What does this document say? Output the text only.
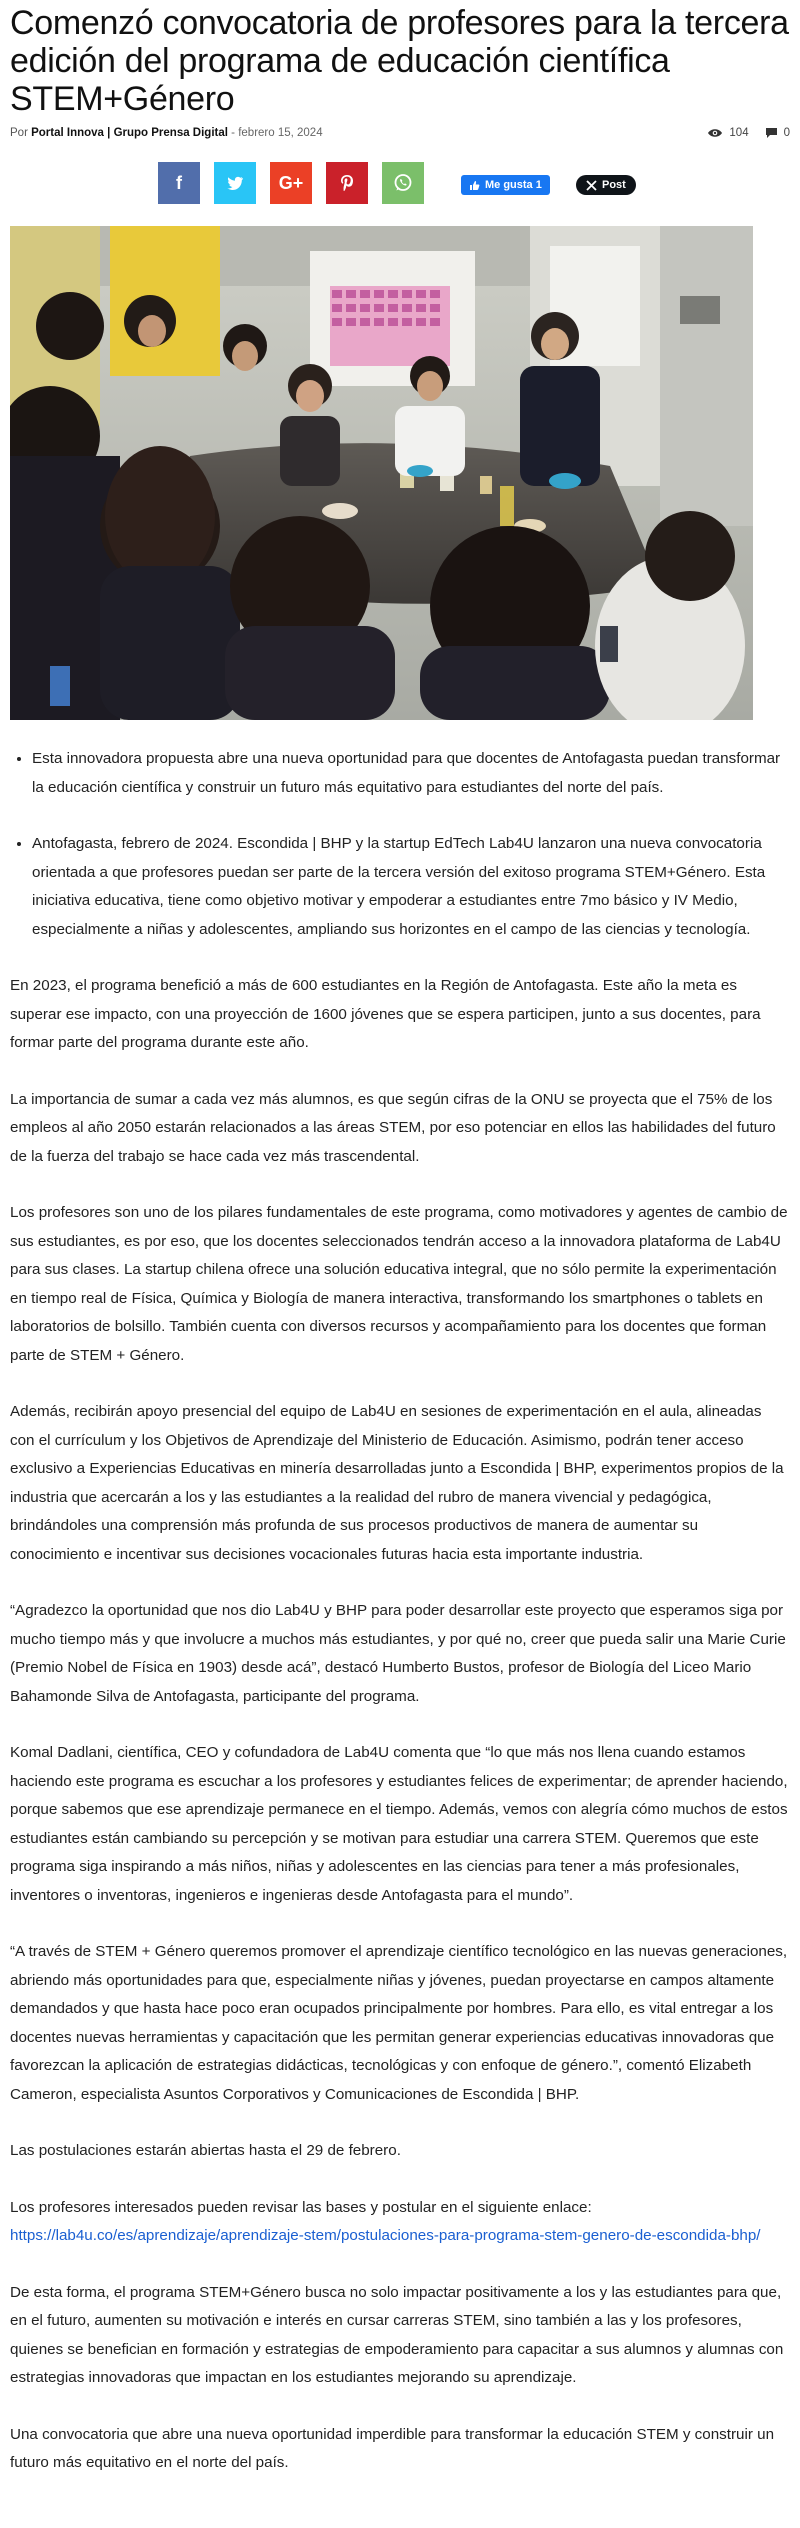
Comenzó convocatoria de profesores para la tercera edición del programa de educación científica STEM+Género
Por Portal Innova | Grupo Prensa Digital - febrero 15, 2024	104	0
f	G+	Me gusta 1	Post
• Esta innovadora propuesta abre una nueva oportunidad para que docentes de Antofagasta puedan transformar la educación científica y construir un futuro más equitativo para estudiantes del norte del país.
• Antofagasta, febrero de 2024. Escondida | BHP y la startup EdTech Lab4U lanzaron una nueva convocatoria orientada a que profesores puedan ser parte de la tercera versión del exitoso programa STEM+Género. Esta iniciativa educativa, tiene como objetivo motivar y empoderar a estudiantes entre 7mo básico y IV Medio, especialmente a niñas y adolescentes, ampliando sus horizontes en el campo de las ciencias y tecnología.

En 2023, el programa benefició a más de 600 estudiantes en la Región de Antofagasta. Este año la meta es superar ese impacto, con una proyección de 1600 jóvenes que se espera participen, junto a sus docentes, para formar parte del programa durante este año.

La importancia de sumar a cada vez más alumnos, es que según cifras de la ONU se proyecta que el 75% de los empleos al año 2050 estarán relacionados a las áreas STEM, por eso potenciar en ellos las habilidades del futuro de la fuerza del trabajo se hace cada vez más trascendental.

Los profesores son uno de los pilares fundamentales de este programa, como motivadores y agentes de cambio de sus estudiantes, es por eso, que los docentes seleccionados tendrán acceso a la innovadora plataforma de Lab4U para sus clases. La startup chilena ofrece una solución educativa integral, que no sólo permite la experimentación en tiempo real de Física, Química y Biología de manera interactiva, transformando los smartphones o tablets en laboratorios de bolsillo. También cuenta con diversos recursos y acompañamiento para los docentes que forman parte de STEM + Género.

Además, recibirán apoyo presencial del equipo de Lab4U en sesiones de experimentación en el aula, alineadas con el currículum y los Objetivos de Aprendizaje del Ministerio de Educación. Asimismo, podrán tener acceso exclusivo a Experiencias Educativas en minería desarrolladas junto a Escondida | BHP, experimentos propios de la industria que acercarán a los y las estudiantes a la realidad del rubro de manera vivencial y pedagógica, brindándoles una comprensión más profunda de sus procesos productivos de manera de aumentar su conocimiento e incentivar sus decisiones vocacionales futuras hacia esta importante industria.

“Agradezco la oportunidad que nos dio Lab4U y BHP para poder desarrollar este proyecto que esperamos siga por mucho tiempo más y que involucre a muchos más estudiantes, y por qué no, creer que pueda salir una Marie Curie (Premio Nobel de Física en 1903) desde acá”, destacó Humberto Bustos, profesor de Biología del Liceo Mario Bahamonde Silva de Antofagasta, participante del programa.

Komal Dadlani, científica, CEO y cofundadora de Lab4U comenta que “lo que más nos llena cuando estamos haciendo este programa es escuchar a los profesores y estudiantes felices de experimentar; de aprender haciendo, porque sabemos que ese aprendizaje permanece en el tiempo. Además, vemos con alegría cómo muchos de estos estudiantes están cambiando su percepción y se motivan para estudiar una carrera STEM. Queremos que este programa siga inspirando a más niños, niñas y adolescentes en las ciencias para tener a más profesionales, inventores o inventoras, ingenieros e ingenieras desde Antofagasta para el mundo”.

“A través de STEM + Género queremos promover el aprendizaje científico tecnológico en las nuevas generaciones, abriendo más oportunidades para que, especialmente niñas y jóvenes, puedan proyectarse en campos altamente demandados y que hasta hace poco eran ocupados principalmente por hombres. Para ello, es vital entregar a los docentes nuevas herramientas y capacitación que les permitan generar experiencias educativas innovadoras que favorezcan la aplicación de estrategias didácticas, tecnológicas y con enfoque de género.”, comentó Elizabeth Cameron, especialista Asuntos Corporativos y Comunicaciones de Escondida | BHP.

Las postulaciones estarán abiertas hasta el 29 de febrero.

Los profesores interesados pueden revisar las bases y postular en el siguiente enlace: https://lab4u.co/es/aprendizaje/aprendizaje-stem/postulaciones-para-programa-stem-genero-de-escondida-bhp/

De esta forma, el programa STEM+Género busca no solo impactar positivamente a los y las estudiantes para que, en el futuro, aumenten su motivación e interés en cursar carreras STEM, sino también a las y los profesores, quienes se benefician en formación y estrategias de empoderamiento para capacitar a sus alumnos y alumnas con estrategias innovadoras que impactan en los estudiantes mejorando su aprendizaje.

Una convocatoria que abre una nueva oportunidad imperdible para transformar la educación STEM y construir un futuro más equitativo en el norte del país.
